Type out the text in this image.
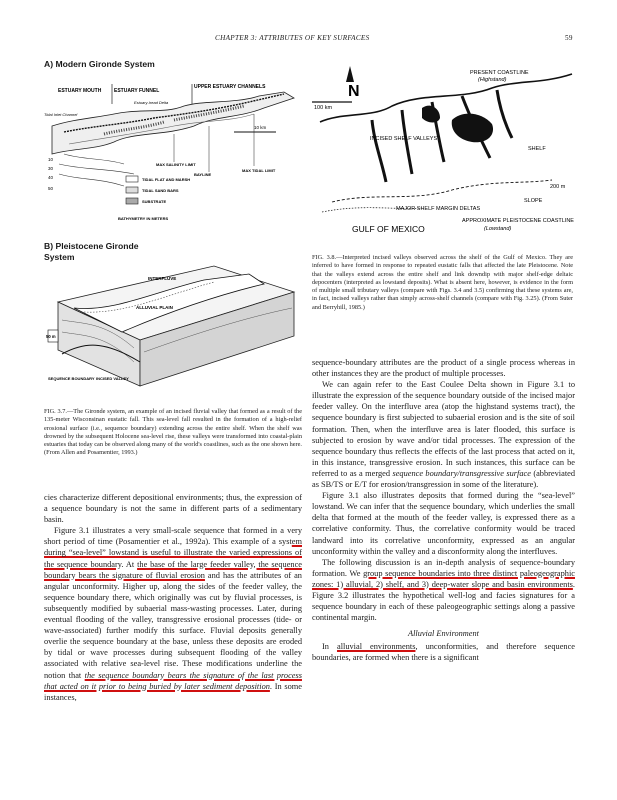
CHAPTER 3: ATTRIBUTES OF KEY SURFACES	59
A) Modern Gironde System
ESTUARY MOUTH	ESTUARY FUNNEL
UPPER ESTUARY CHANNELS
Estuary-head Delta
Tidal Inlet Channel
10 km
MAX SALINITY LIMIT
BAYLINE
MAX TIDAL LIMIT
10
30
40
50
TIDAL FLAT AND MARSH
TIDAL SAND BARS
SUBSTRATE
BATHYMETRY IN METERS
B) Pleistocene Gironde System
INTERFLUVE
ALLUVIAL PLAIN
50 m
SEQUENCE BOUNDARY INCISED VALLEY
N
100 km
PRESENT COASTLINE
(Highstand)
INCISED SHELF VALLEYS
SHELF
200 m
SLOPE
MAJOR SHELF MARGIN DELTAS
APPROXIMATE PLEISTOCENE COASTLINE
(Lowstand)
GULF OF MEXICO
FIG. 3.8.—Interpreted incised valleys observed across the shelf of the Gulf of Mexico. They are inferred to have formed in response to repeated eustatic falls that affected the late Pleistocene. Note that the valleys extend across the entire shelf and link downdip with major shelf-edge deltaic depocenters (interpreted as lowstand deposits). What is absent here, however, is evidence in the form of multiple small tributary valleys (compare with Figs. 3.4 and 3.5) confirming that these systems are, in fact, incised valleys rather than simply across-shelf channels (compare with Fig. 3.25). (From Suter and Berryhill, 1985.)
FIG. 3.7.—The Gironde system, an example of an incised fluvial valley that formed as a result of the 135-meter Wisconsinan eustatic fall. This sea-level fall resulted in the formation of a high-relief erosional surface (i.e., sequence boundary) extending across the entire shelf. When the shelf was drowned by the subsequent Holocene sea-level rise, these valleys were transformed into coastal-plain estuaries that today can be observed along many of the world's coastlines, such as the one shown here. (From Allen and Posamentier, 1993.)

cies characterize different depositional environments; thus, the expression of a sequence boundary is not the same in different parts of a sedimentary basin.

Figure 3.1 illustrates a very small-scale sequence that formed in a very short period of time (Posamentier et al., 1992a). This example of a system during “sea-level” lowstand is useful to illustrate the varied expressions of the sequence boundary. At the base of the large feeder valley, the sequence boundary bears the signature of fluvial erosion and has the attributes of an angular unconformity. Higher up, along the sides of the feeder valley, the sequence boundary there, which originally was cut by fluvial processes, is subsequently modified by subaerial mass-wasting processes. Later, during eventual flooding of the valley, transgressive erosional processes (tide- or wave-associated) further modify this surface. Fluvial deposits generally overlie the sequence boundary at the base, unless these deposits are eroded by tidal or wave processes during subsequent flooding of the valley associated with relative sea-level rise. These modifications underline the notion that the sequence boundary bears the signature of the last process that acted on it prior to being buried by later sediment deposition. In some instances,

sequence-boundary attributes are the product of a single process whereas in other instances they are the product of multiple processes.

We can again refer to the East Coulee Delta shown in Figure 3.1 to illustrate the expression of the sequence boundary outside of the incised major feeder valley. On the interfluve area (atop the highstand systems tract), the sequence boundary is first subjected to subaerial erosion and is the site of soil formation. Then, when the interfluve area is later flooded, this surface is subjected to erosion by wave and/or tidal processes. The expression of the sequence boundary thus reflects the effects of the last process that acted on it, in this instance, transgressive erosion. In such instances, this surface can be referred to as a merged sequence boundary/transgressive surface (abbreviated as SB/TS or E/T for erosion/transgression in some of the literature).

Figure 3.1 also illustrates deposits that formed during the “sea-level” lowstand. We can infer that the sequence boundary, which underlies the small delta that formed at the mouth of the feeder valley, is expressed there as a correlative conformity. Thus, the correlative conformity would be traced landward into its correlative unconformity, expressed as an angular unconformity within the valley and a disconformity along the interfluves.

The following discussion is an in-depth analysis of sequence-boundary formation. We group sequence boundaries into three distinct paleogeographic zones: 1) alluvial, 2) shelf, and 3) deep-water slope and basin environments. Figure 3.2 illustrates the hypothetical well-log and facies signatures for a sequence boundary in each of these paleogeographic settings along a passive continental margin.

Alluvial Environment

In alluvial environments, unconformities, and therefore sequence boundaries, are formed when there is a significant
